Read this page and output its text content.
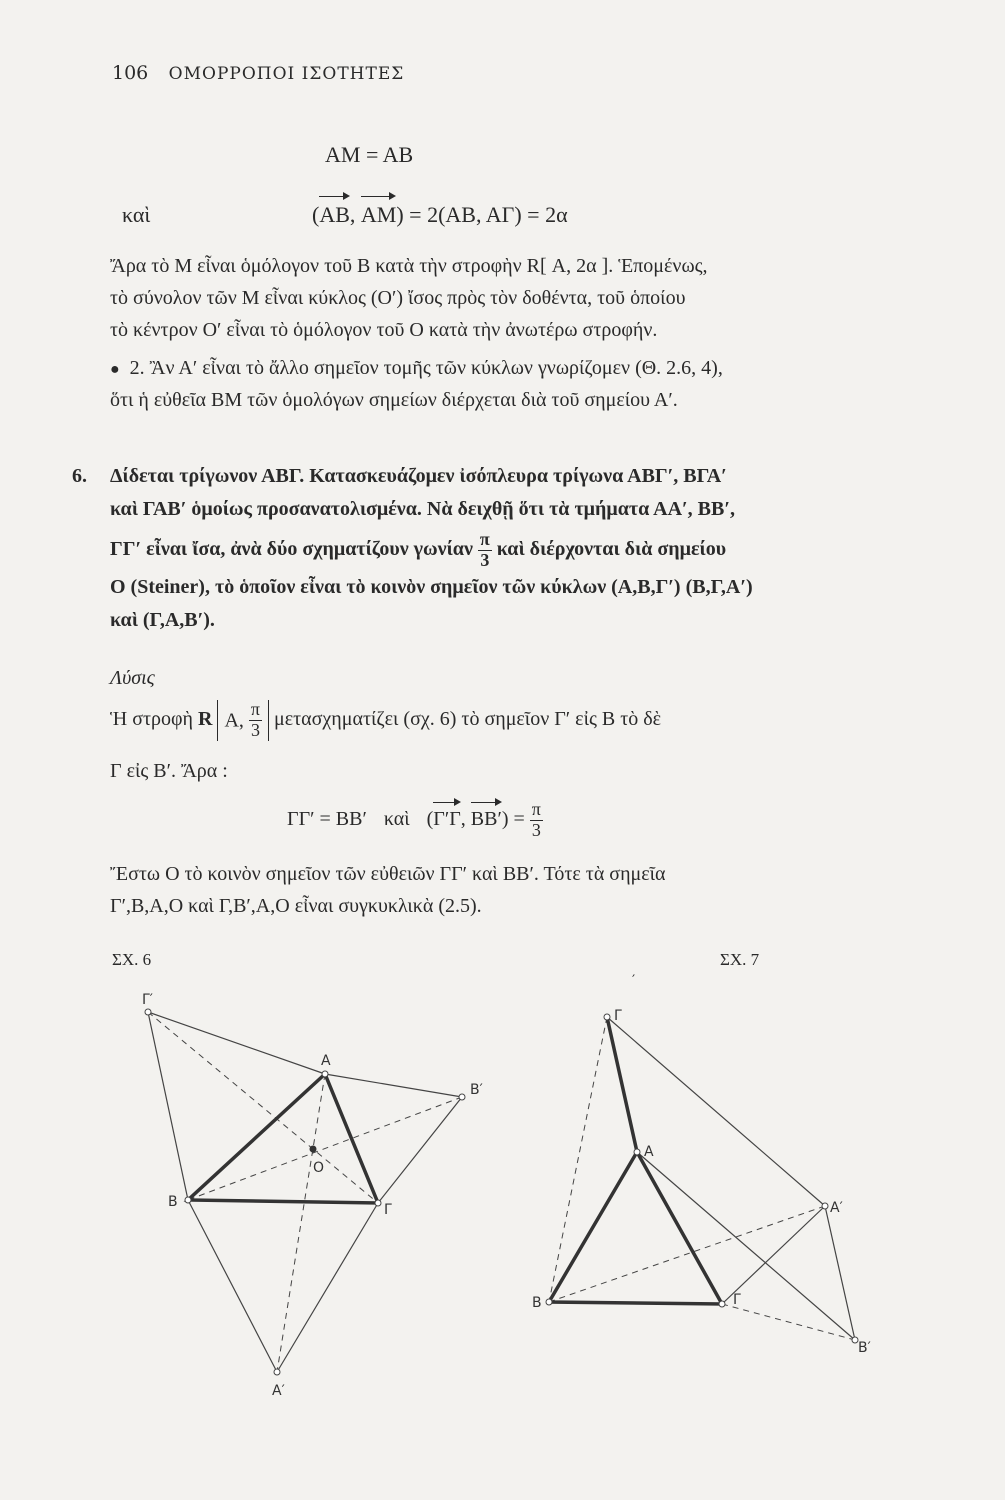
106 ΟΜΟΡΡΟΠΟΙ ΙΣΟΤΗΤΕΣ
AM = AB
καὶ	(AB, AM) = 2(AB, AΓ) = 2α
Ἄρα τὸ Μ εἶναι ὁμόλογον τοῦ Β κατὰ τὴν στροφὴν R[ Α, 2α ]. Ἑπομένως,
τὸ σύνολον τῶν Μ εἶναι κύκλος (Ο′) ἴσος πρὸς τὸν δοθέντα, τοῦ ὁποίου
τὸ κέντρον Ο′ εἶναι τὸ ὁμόλογον τοῦ Ο κατὰ τὴν ἀνωτέρω στροφήν.
● 2. Ἂν Α′ εἶναι τὸ ἄλλο σημεῖον τομῆς τῶν κύκλων γνωρίζομεν (Θ. 2.6, 4),
ὅτι ἡ εὐθεῖα ΒΜ τῶν ὁμολόγων σημείων διέρχεται διὰ τοῦ σημείου Α′.
6. Δίδεται τρίγωνον ΑΒΓ. Κατασκευάζομεν ἰσόπλευρα τρίγωνα ΑΒΓ′, ΒΓΑ′
καὶ ΓΑΒ′ ὁμοίως προσανατολισμένα. Νὰ δειχθῇ ὅτι τὰ τμήματα ΑΑ′, ΒΒ′,
ΓΓ′ εἶναι ἴσα, ἀνὰ δύο σχηματίζουν γωνίαν $\frac{\pi}{3}$ καὶ διέρχονται διὰ σημείου
Ο (Steiner), τὸ ὁποῖον εἶναι τὸ κοινὸν σημεῖον τῶν κύκλων (Α,Β,Γ′) (Β,Γ,Α′)
καὶ (Γ,Α,Β′).
Λύσις
Ἡ στροφὴ R Α, $\frac{\pi}{3}$ μετασχηματίζει (σχ. 6) τὸ σημεῖον Γ′ εἰς Β τὸ δὲ
Γ εἰς Β′. Ἄρα :
ΓΓ′ = ΒΒ′ καὶ (Γ′Γ, $BB') = \frac{\pi}{3}$
Ἔστω Ο τὸ κοινὸν σημεῖον τῶν εὐθειῶν ΓΓ′ καὶ ΒΒ′. Τότε τὰ σημεῖα
Γ′,Β,Α,Ο καὶ Γ,Β′,Α,Ο εἶναι συγκυκλικὰ (2.5).
ΣΧ. 6	ΣΧ. 7
Γ′
Α
Β′
Ο
Β	Γ
Α′
′
Γ
Α
Α′
Β	Γ
Β′
